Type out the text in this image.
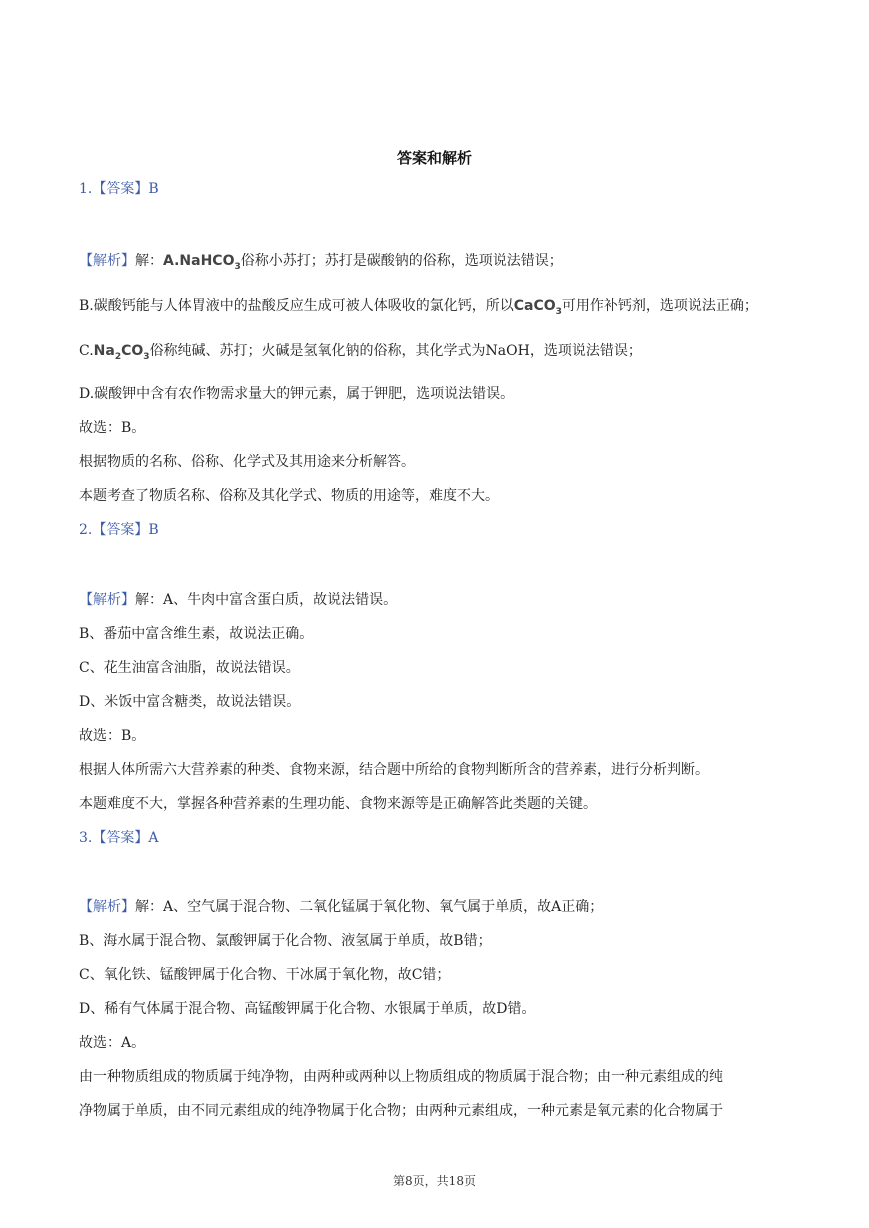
答案和解析
1.【答案】B
【解析】解：A.NaHCO$_3$俗称小苏打；苏打是碳酸钠的俗称，选项说法错误；
B.碳酸钙能与人体胃液中的盐酸反应生成可被人体吸收的氯化钙，所以CaCO$_3$可用作补钙剂，选项说法正确；
$C.Na_2CO_3$俗称纯碱、苏打；火碱是氢氧化钠的俗称，其化学式为NaOH，选项说法错误；
D.碳酸钾中含有农作物需求量大的钾元素，属于钾肥，选项说法错误。
故选：B。
根据物质的名称、俗称、化学式及其用途来分析解答。
本题考查了物质名称、俗称及其化学式、物质的用途等，难度不大。
2.【答案】B
【解析】解：A、牛肉中富含蛋白质，故说法错误。
B、番茄中富含维生素，故说法正确。
C、花生油富含油脂，故说法错误。
D、米饭中富含糖类，故说法错误。
故选：B。
根据人体所需六大营养素的种类、食物来源，结合题中所给的食物判断所含的营养素，进行分析判断。
本题难度不大，掌握各种营养素的生理功能、食物来源等是正确解答此类题的关键。
3.【答案】A
【解析】解：A、空气属于混合物、二氧化锰属于氧化物、氧气属于单质，故A正确；
B、海水属于混合物、氯酸钾属于化合物、液氢属于单质，故B错；
C、氧化铁、锰酸钾属于化合物、干冰属于氧化物，故C错；
D、稀有气体属于混合物、高锰酸钾属于化合物、水银属于单质，故D错。
故选：A。
由一种物质组成的物质属于纯净物，由两种或两种以上物质组成的物质属于混合物；由一种元素组成的纯
净物属于单质，由不同元素组成的纯净物属于化合物；由两种元素组成，一种元素是氧元素的化合物属于
第8页，共18页
